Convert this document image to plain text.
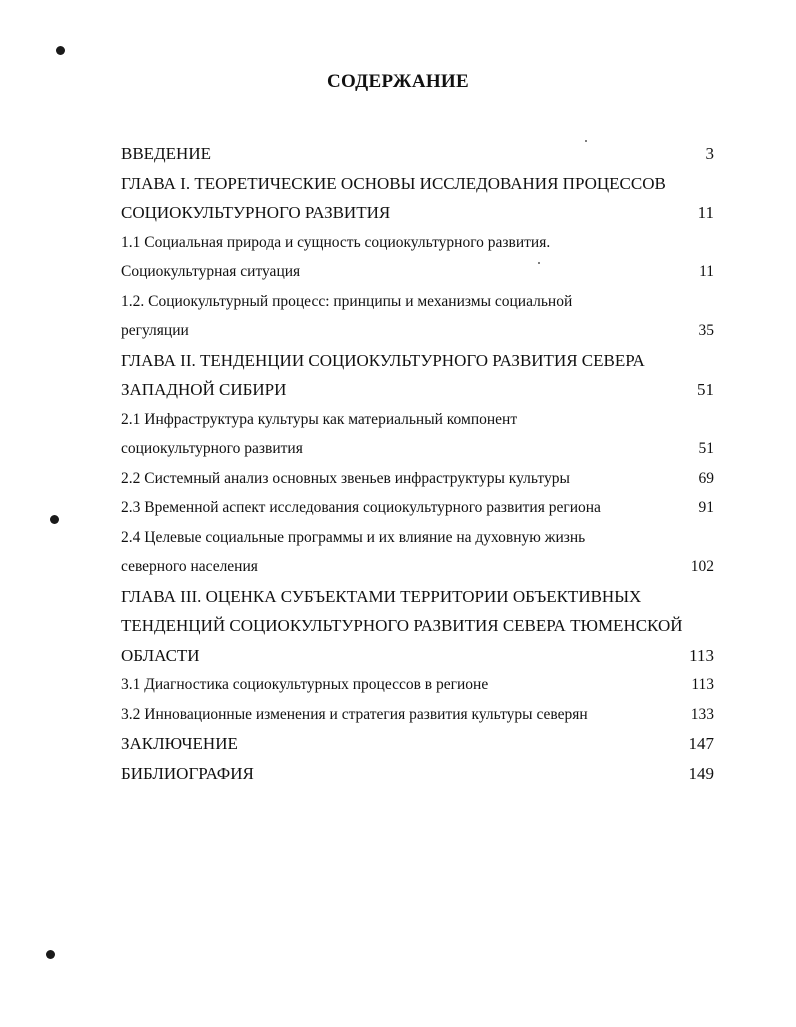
СОДЕРЖАНИЕ
ВВЕДЕНИЕ	3
ГЛАВА I. ТЕОРЕТИЧЕСКИЕ ОСНОВЫ ИССЛЕДОВАНИЯ ПРОЦЕССОВ
СОЦИОКУЛЬТУРНОГО РАЗВИТИЯ	11
1.1 Социальная природа и сущность социокультурного развития.
Социокультурная ситуация	11
1.2. Социокультурный процесс: принципы и механизмы социальной
регуляции	35
ГЛАВА II. ТЕНДЕНЦИИ СОЦИОКУЛЬТУРНОГО РАЗВИТИЯ СЕВЕРА
ЗАПАДНОЙ СИБИРИ	51
2.1 Инфраструктура культуры как материальный компонент
социокультурного развития	51
2.2 Системный анализ основных звеньев инфраструктуры культуры	69
2.3 Временной аспект исследования социокультурного развития региона	91
2.4 Целевые социальные программы и их влияние на духовную жизнь
северного населения	102
ГЛАВА III. ОЦЕНКА СУБЪЕКТАМИ ТЕРРИТОРИИ ОБЪЕКТИВНЫХ
ТЕНДЕНЦИЙ СОЦИОКУЛЬТУРНОГО РАЗВИТИЯ СЕВЕРА ТЮМЕНСКОЙ
ОБЛАСТИ	113
3.1 Диагностика социокультурных процессов в регионе	113
3.2 Инновационные изменения и стратегия развития культуры северян	133
ЗАКЛЮЧЕНИЕ	147
БИБЛИОГРАФИЯ	149
